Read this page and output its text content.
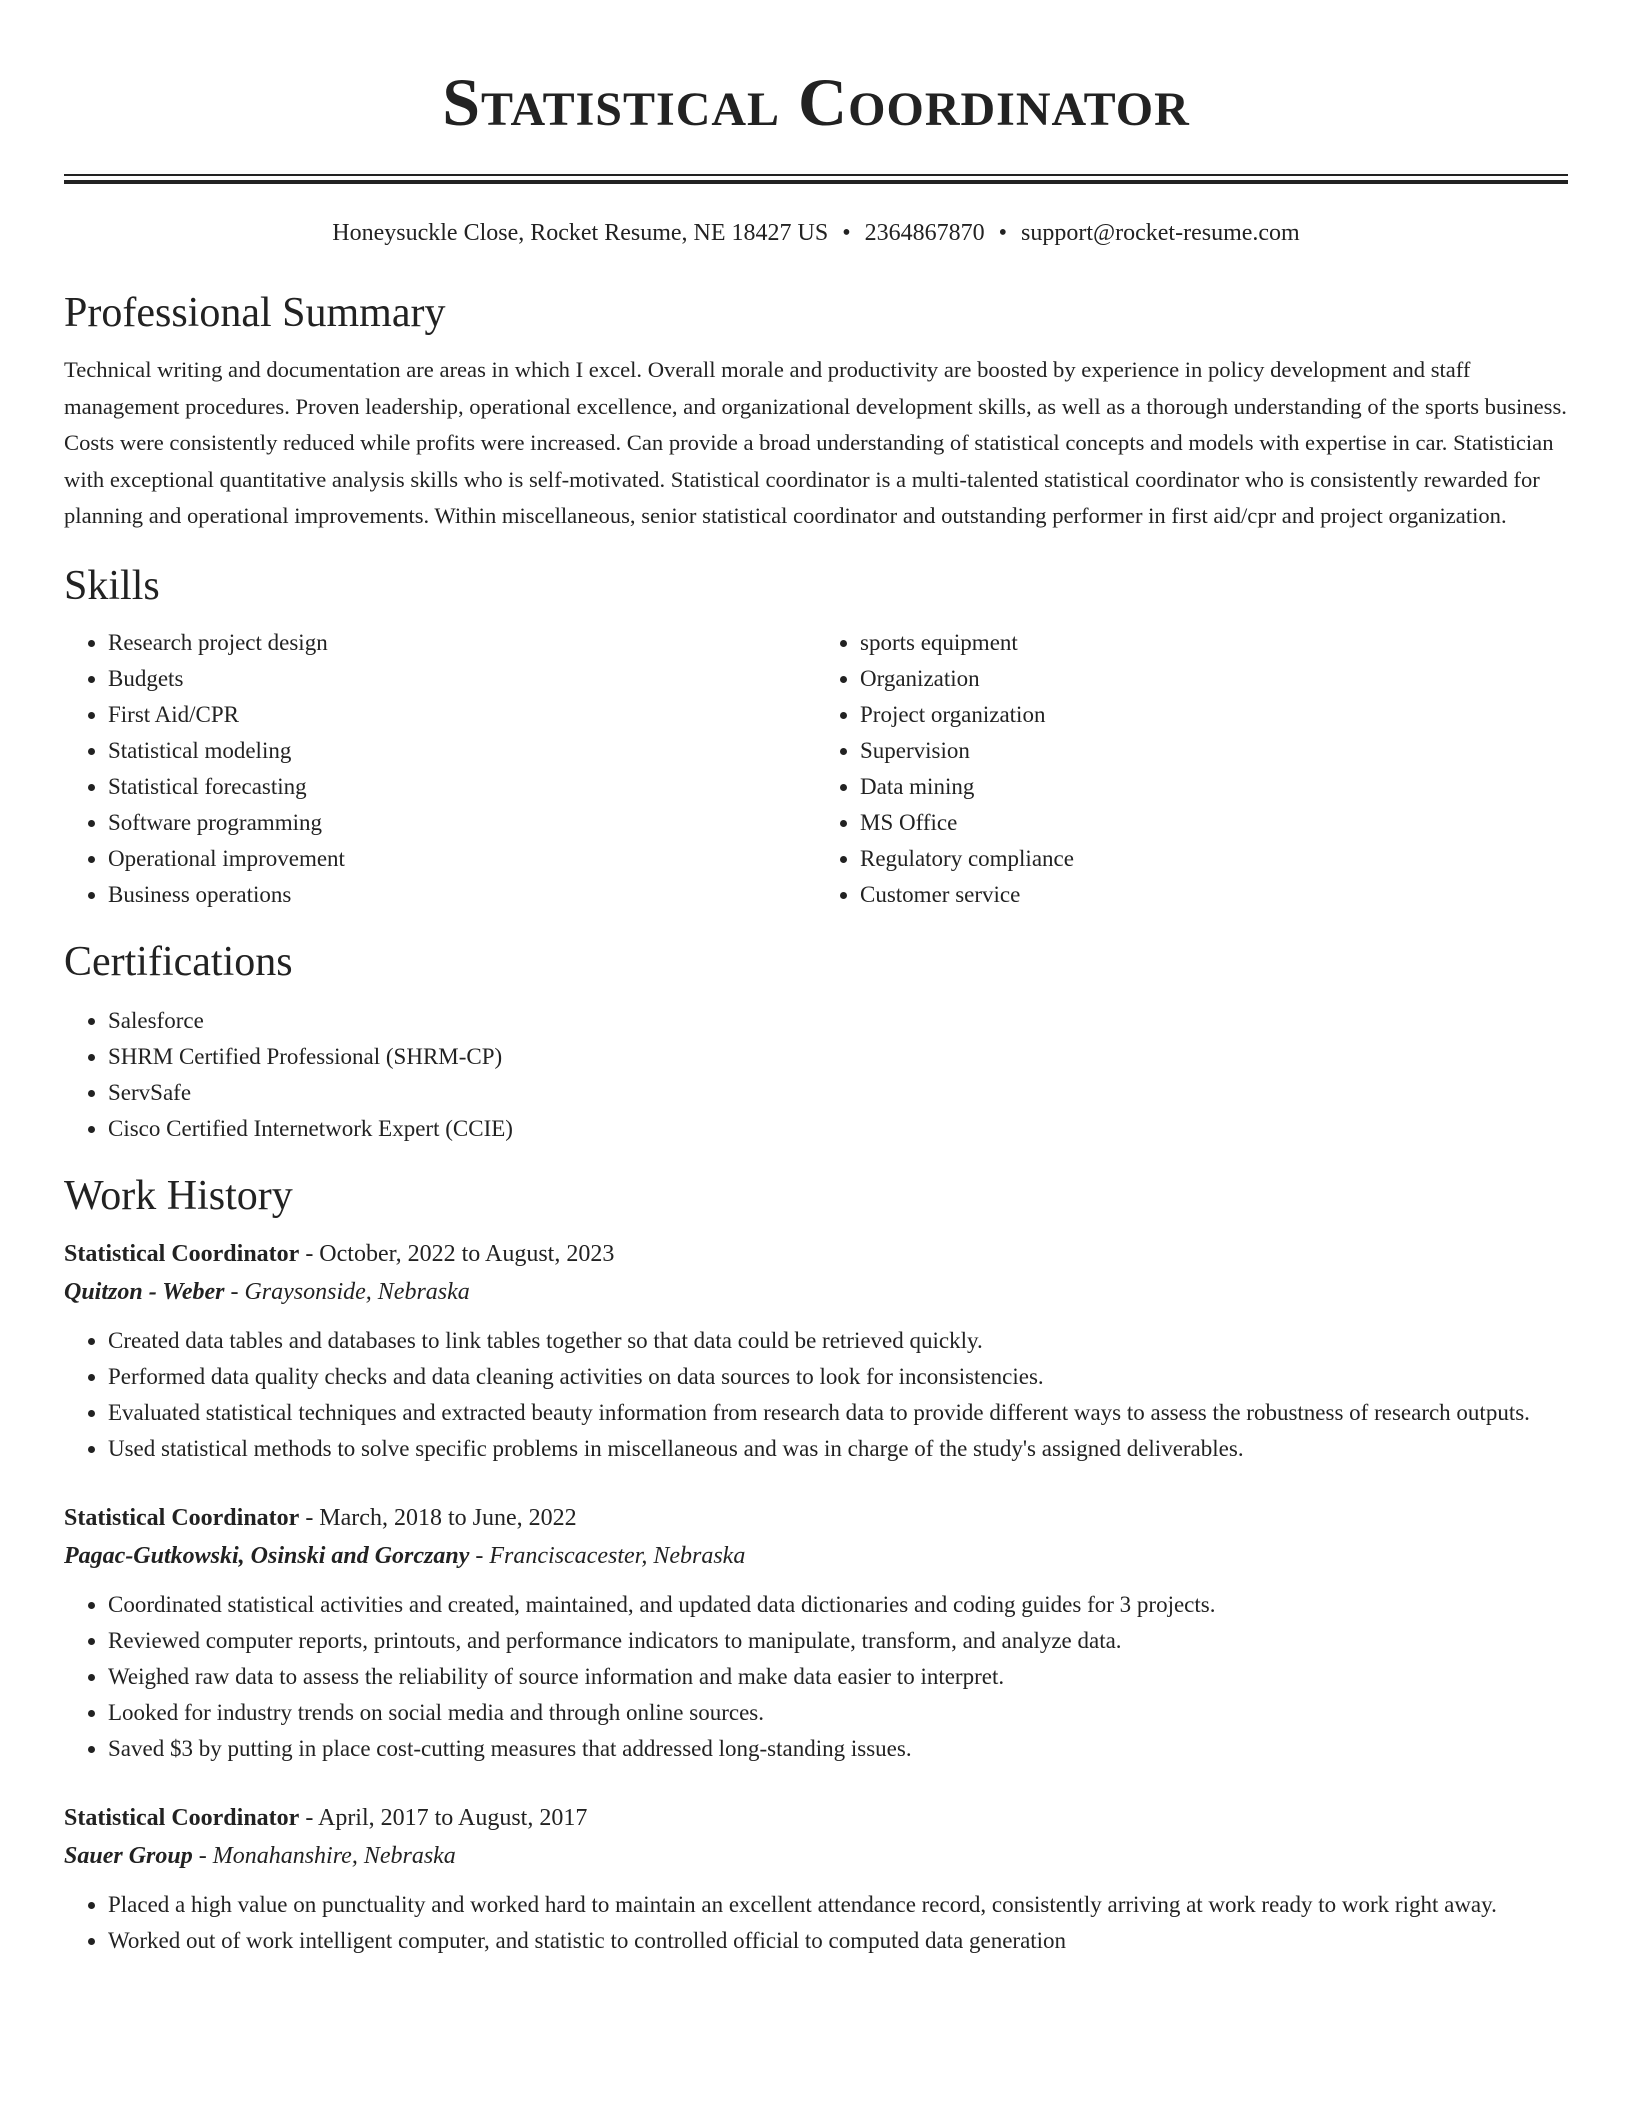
Statistical Coordinator
Honeysuckle Close, Rocket Resume, NE 18427 US • 2364867870 • support@rocket-resume.com
Professional Summary

Technical writing and documentation are areas in which I excel. Overall morale and productivity are boosted by experience in policy development and staff management procedures. Proven leadership, operational excellence, and organizational development skills, as well as a thorough understanding of the sports business. Costs were consistently reduced while profits were increased. Can provide a broad understanding of statistical concepts and models with expertise in car. Statistician with exceptional quantitative analysis skills who is self-motivated. Statistical coordinator is a multi-talented statistical coordinator who is consistently rewarded for planning and operational improvements. Within miscellaneous, senior statistical coordinator and outstanding performer in first aid/cpr and project organization.

Skills
• Research project design
• Budgets
• First Aid/CPR
• Statistical modeling
• Statistical forecasting
• Software programming
• Operational improvement
• Business operations
• sports equipment
• Organization
• Project organization
• Supervision
• Data mining
• MS Office
• Regulatory compliance
• Customer service
Certifications
• Salesforce
• SHRM Certified Professional (SHRM-CP)
• ServSafe
• Cisco Certified Internetwork Expert (CCIE)
Work History
Statistical Coordinator - October, 2022 to August, 2023
Quitzon - Weber - Graysonside, Nebraska
• Created data tables and databases to link tables together so that data could be retrieved quickly.
• Performed data quality checks and data cleaning activities on data sources to look for inconsistencies.
• Evaluated statistical techniques and extracted beauty information from research data to provide different ways to assess the robustness of research outputs.
• Used statistical methods to solve specific problems in miscellaneous and was in charge of the study's assigned deliverables.
Statistical Coordinator - March, 2018 to June, 2022
Pagac-Gutkowski, Osinski and Gorczany - Franciscacester, Nebraska
• Coordinated statistical activities and created, maintained, and updated data dictionaries and coding guides for 3 projects.
• Reviewed computer reports, printouts, and performance indicators to manipulate, transform, and analyze data.
• Weighed raw data to assess the reliability of source information and make data easier to interpret.
• Looked for industry trends on social media and through online sources.
• Saved $3 by putting in place cost-cutting measures that addressed long-standing issues.
Statistical Coordinator - April, 2017 to August, 2017
Sauer Group - Monahanshire, Nebraska
• Placed a high value on punctuality and worked hard to maintain an excellent attendance record, consistently arriving at work ready to work right away.
• Worked out of work intelligent computer, and statistic to controlled official to computed data generation
